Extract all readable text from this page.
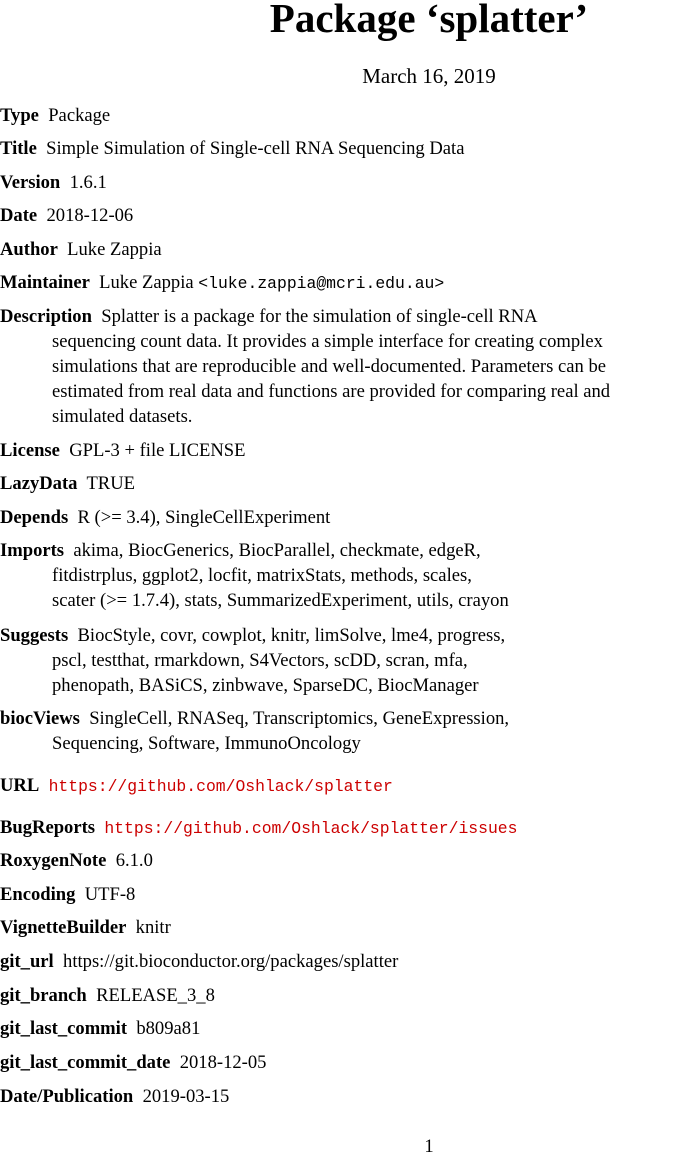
Package ‘splatter’
March 16, 2019
Type Package
Title Simple Simulation of Single-cell RNA Sequencing Data
Version 1.6.1
Date 2018-12-06
Author Luke Zappia
Maintainer Luke Zappia <luke.zappia@mcri.edu.au>
Description Splatter is a package for the simulation of single-cell RNA
sequencing count data. It provides a simple interface for creating complex
simulations that are reproducible and well-documented. Parameters can be
estimated from real data and functions are provided for comparing real and
simulated datasets.
License GPL-3 + file LICENSE
LazyData TRUE
Depends R (>= 3.4), SingleCellExperiment
Imports akima, BiocGenerics, BiocParallel, checkmate, edgeR,
fitdistrplus, ggplot2, locfit, matrixStats, methods, scales,
scater (>= 1.7.4), stats, SummarizedExperiment, utils, crayon
Suggests BiocStyle, covr, cowplot, knitr, limSolve, lme4, progress,
pscl, testthat, rmarkdown, S4Vectors, scDD, scran, mfa,
phenopath, BASiCS, zinbwave, SparseDC, BiocManager
biocViews SingleCell, RNASeq, Transcriptomics, GeneExpression,
Sequencing, Software, ImmunoOncology
URL https://github.com/Oshlack/splatter
BugReports https://github.com/Oshlack/splatter/issues
RoxygenNote 6.1.0
Encoding UTF-8
VignetteBuilder knitr
git_url https://git.bioconductor.org/packages/splatter
git_branch RELEASE_3_8
git_last_commit b809a81
git_last_commit_date 2018-12-05
Date/Publication 2019-03-15
1
